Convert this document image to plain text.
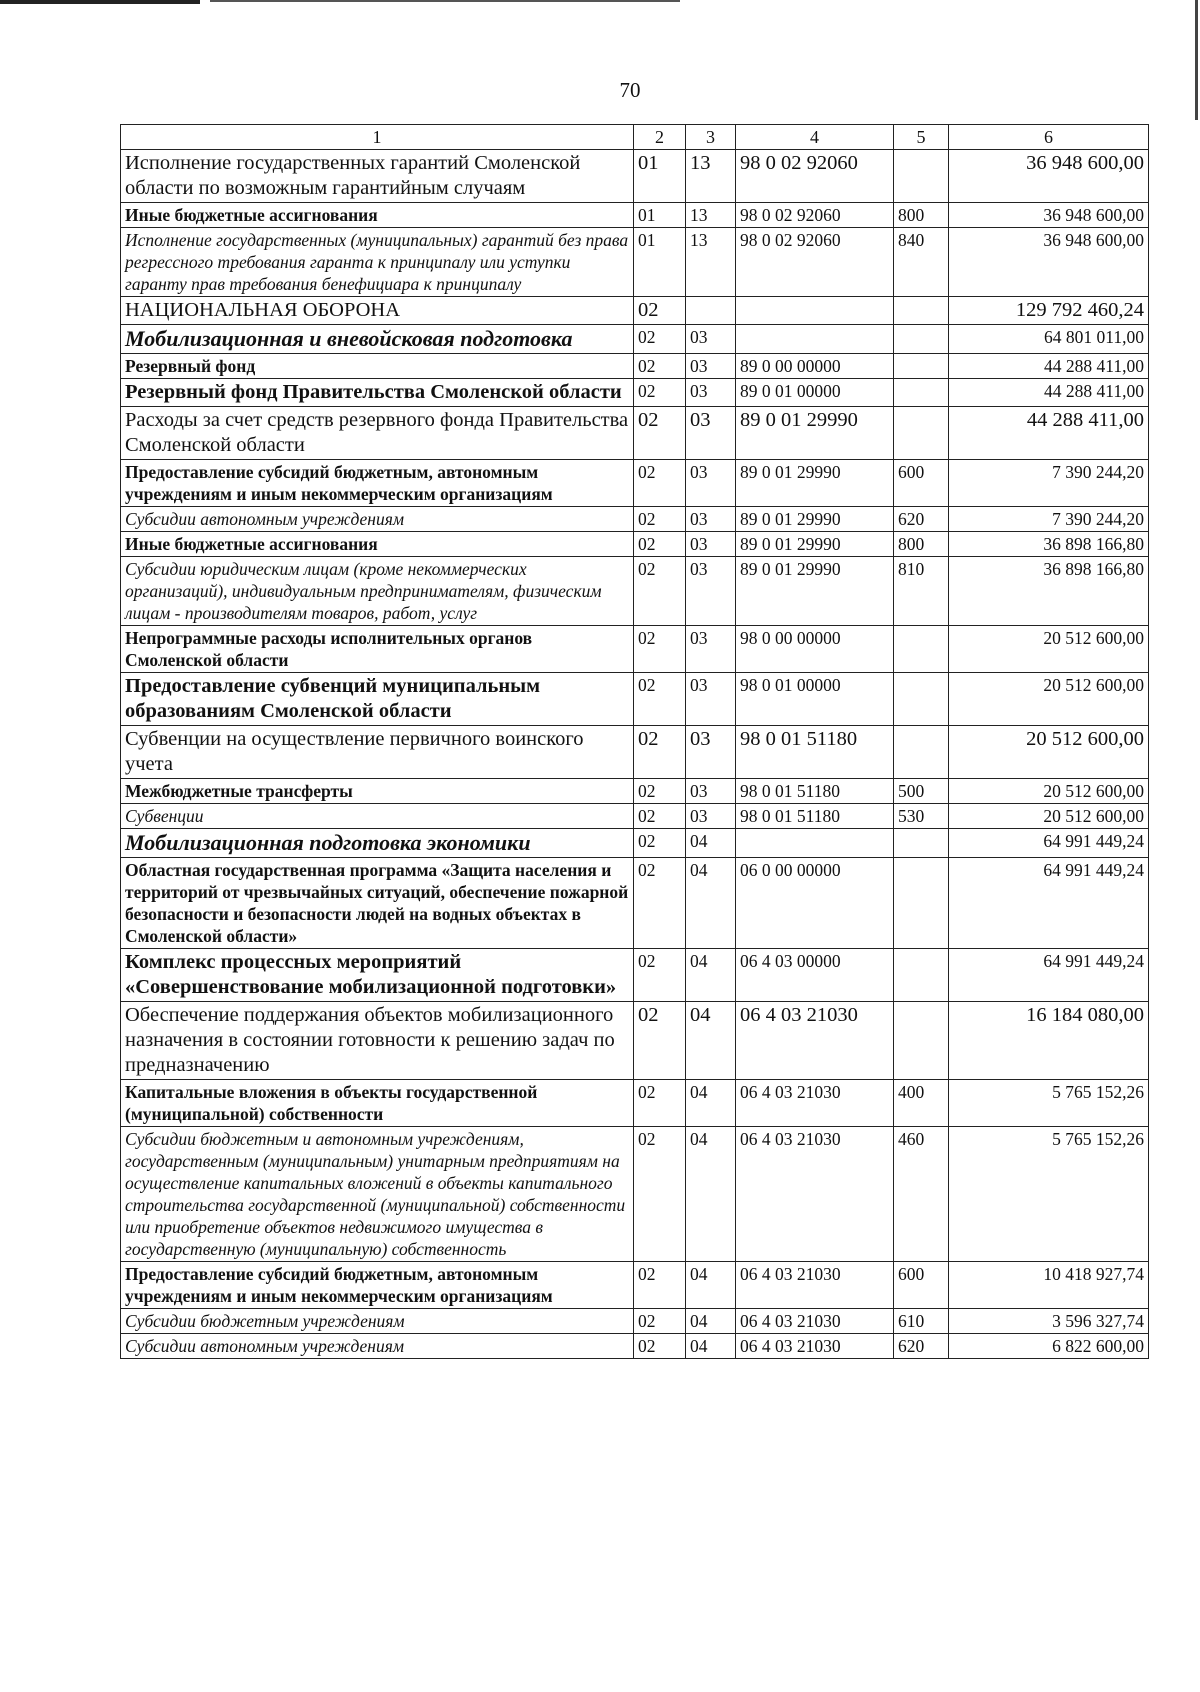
70
1	2	3	4	5	6
Исполнение государственных гарантий Смоленской области по возможным гарантийным случаям	01	13	98 0 02 92060		36 948 600,00
Иные бюджетные ассигнования	01	13	98 0 02 92060	800	36 948 600,00
Исполнение государственных (муниципальных) гарантий без права регрессного требования гаранта к принципалу или уступки гаранту прав требования бенефициара к принципалу	01	13	98 0 02 92060	840	36 948 600,00
НАЦИОНАЛЬНАЯ ОБОРОНА	02				129 792 460,24
Мобилизационная и вневойсковая подготовка	02	03			64 801 011,00
Резервный фонд	02	03	89 0 00 00000		44 288 411,00
Резервный фонд Правительства Смоленской области	02	03	89 0 01 00000		44 288 411,00
Расходы за счет средств резервного фонда Правительства Смоленской области	02	03	89 0 01 29990		44 288 411,00
Предоставление субсидий бюджетным, автономным учреждениям и иным некоммерческим организациям	02	03	89 0 01 29990	600	7 390 244,20
Субсидии автономным учреждениям	02	03	89 0 01 29990	620	7 390 244,20
Иные бюджетные ассигнования	02	03	89 0 01 29990	800	36 898 166,80
Субсидии юридическим лицам (кроме некоммерческих организаций), индивидуальным предпринимателям, физическим лицам - производителям товаров, работ, услуг	02	03	89 0 01 29990	810	36 898 166,80
Непрограммные расходы исполнительных органов Смоленской области	02	03	98 0 00 00000		20 512 600,00
Предоставление субвенций муниципальным образованиям Смоленской области	02	03	98 0 01 00000		20 512 600,00
Субвенции на осуществление первичного воинского учета	02	03	98 0 01 51180		20 512 600,00
Межбюджетные трансферты	02	03	98 0 01 51180	500	20 512 600,00
Субвенции	02	03	98 0 01 51180	530	20 512 600,00
Мобилизационная подготовка экономики	02	04			64 991 449,24
Областная государственная программа «Защита населения и территорий от чрезвычайных ситуаций, обеспечение пожарной безопасности и безопасности людей на водных объектах в Смоленской области»	02	04	06 0 00 00000		64 991 449,24
Комплекс процессных мероприятий «Совершенствование мобилизационной подготовки»	02	04	06 4 03 00000		64 991 449,24
Обеспечение поддержания объектов мобилизационного назначения в состоянии готовности к решению задач по предназначению	02	04	06 4 03 21030		16 184 080,00
Капитальные вложения в объекты государственной (муниципальной) собственности	02	04	06 4 03 21030	400	5 765 152,26
Субсидии бюджетным и автономным учреждениям, государственным (муниципальным) унитарным предприятиям на осуществление капитальных вложений в объекты капитального строительства государственной (муниципальной) собственности или приобретение объектов недвижимого имущества в государственную (муниципальную) собственность	02	04	06 4 03 21030	460	5 765 152,26
Предоставление субсидий бюджетным, автономным учреждениям и иным некоммерческим организациям	02	04	06 4 03 21030	600	10 418 927,74
Субсидии бюджетным учреждениям	02	04	06 4 03 21030	610	3 596 327,74
Субсидии автономным учреждениям	02	04	06 4 03 21030	620	6 822 600,00
